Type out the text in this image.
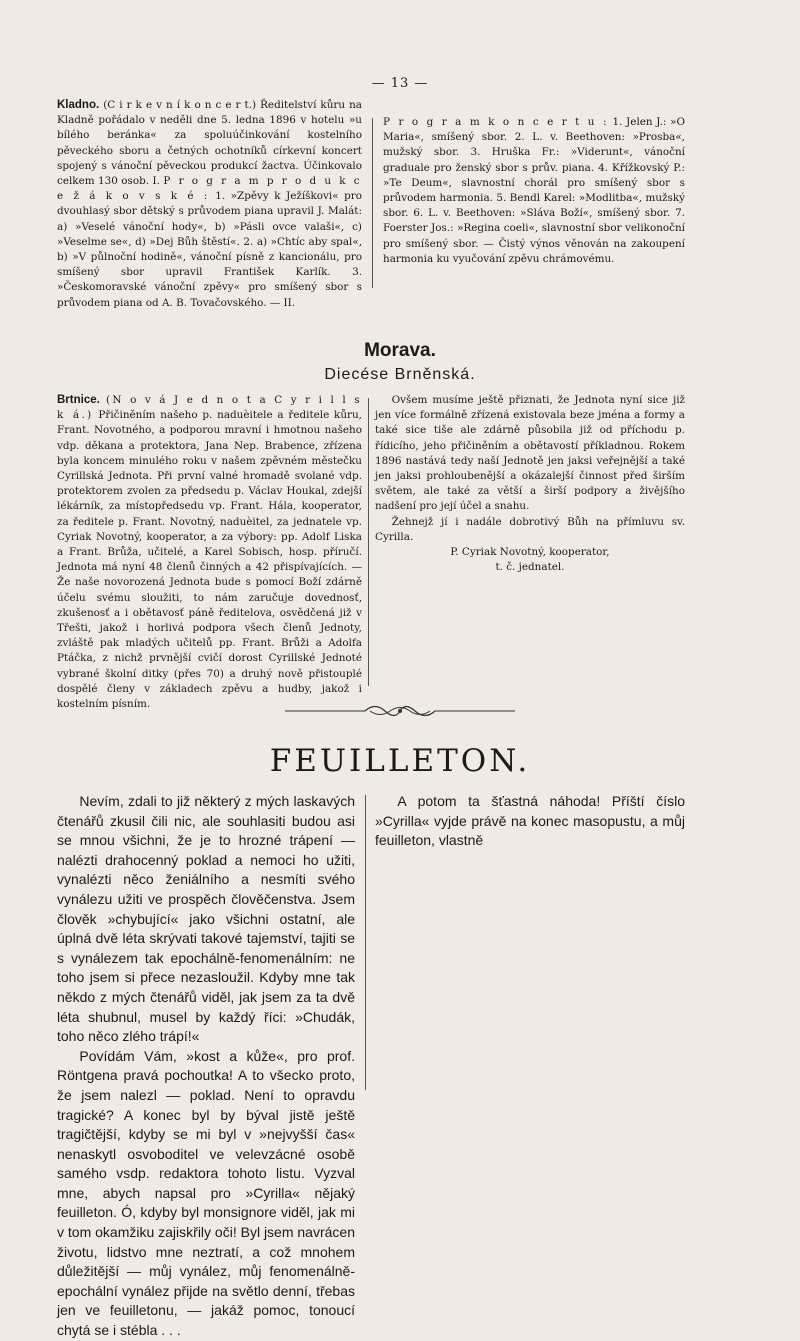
— 13 —

Kladno. (C i r k e v n í k o n c e r t.) Ředitelství kůru na Kladně pořádalo v neděli dne 5. ledna 1896 v hotelu »u bílého beránka« za spoluúčinkování kostelního pěveckého sboru a četných ochotníků církevní koncert spojený s vánoční pěveckou produkcí žactva. Účinkovalo celkem 130 osob. I. P r o g r a m p r o d u k c e ž á k o v s k é : 1. »Zpěvy k Ježíškovi« pro dvouhlasý sbor dětský s průvodem piana upravil J. Malát: a) »Veselé vánoční hody«, b) »Pásli ovce valaši«, c) »Veselme se«, d) »Dej Bůh štěstí«. 2. a) »Chtíc aby spal«, b) »V půlnoční hodině«, vánoční písně z kancionálu, pro smíšený sbor upravil František Karlík. 3. »Českomoravské vánoční zpěvy« pro smíšený sbor s průvodem piana od A. B. Tovačovského. — II.

P r o g r a m k o n c e r t u : 1. Jelen J.: »O Maria«, smíšený sbor. 2. L. v. Beethoven: »Prosba«, mužský sbor. 3. Hruška Fr.: »Viderunt«, vánoční graduale pro ženský sbor s prův. piana. 4. Křížkovský P.: »Te Deum«, slavnostní chorál pro smíšený sbor s průvodem harmonia. 5. Bendl Karel: »Modlitba«, mužský sbor. 6. L. v. Beethoven: »Sláva Boží«, smíšený sbor. 7. Foerster Jos.: »Regina coeli«, slavnostní sbor velikonoční pro smíšený sbor. — Čistý výnos věnován na zakoupení harmonia ku vyučování zpěvu chrámovému.

Morava.
Diecése Brněnská.

Brtnice. (N o v á J e d n o t a C y r i l l s k á.) Přičiněním našeho p. naduèitele a ředitele kůru, Frant. Novotného, a podporou mravní i hmotnou našeho vdp. děkana a protektora, Jana Nep. Brabence, zřízena byla koncem minulého roku v našem zpěvném městečku Cyrillská Jednota. Při první valné hromadě svolané vdp. protektorem zvolen za předsedu p. Václav Houkal, zdejší lékárník, za místopředsedu vp. Frant. Hála, kooperator, za ředitele p. Frant. Novotný, naduèitel, za jednatele vp. Cyriak Novotný, kooperator, a za výbory: pp. Adolf Liska a Frant. Brůža, učitelé, a Karel Sobisch, hosp. příručí. Jednota má nyní 48 členů činných a 42 přispívajících. — Že naše novorozená Jednota bude s pomocí Boží zdárně účelu svému sloužiti, to nám zaručuje dovednosť, zkušenosť a i obětavosť páně ředitelova, osvědčená již v Třešti, jakož i horlivá podpora všech členů Jednoty, zvláště pak mladých učitelů pp. Frant. Brůži a Adolfa Ptáčka, z nichž prvnější cvičí dorost Cyrillské Jednoté vybrané školní ditky (přes 70) a druhý nově přistouplé dospělé členy v základech zpěvu a hudby, jakož i kostelním písním.

Ovšem musíme ještě přiznati, že Jednota nyní sice již jen více formálně zřízená existovala beze jména a formy a také sice tiše ale zdárně působila již od příchodu p. řídicího, jeho přičiněním a obětavostí příkladnou. Rokem 1896 nastává tedy naší Jednotě jen jaksi veřejnější a také jen jaksi prohloubenější a okázalejší činnost před širším světem, ale také za větší a širší podpory a živějšího nadšení pro její účel a snahu.

Žehnejž jí i nadále dobrotivý Bůh na přímluvu sv. Cyrilla.

P. Cyriak Novotný, kooperator,

t. č. jednatel.

FEUILLETON.

Nevím, zdali to již některý z mých laskavých čtenářů zkusil čili nic, ale souhlasiti budou asi se mnou všichni, že je to hrozné trápení — nalézti drahocenný poklad a nemoci ho užiti, vynalézti něco ženiálního a nesmíti svého vynálezu užiti ve prospěch člověčenstva. Jsem člověk »chybující« jako všichni ostatní, ale úplná dvě léta skrývati takové tajemství, tajiti se s vynálezem tak epochálně-fenomenálním: ne toho jsem si přece nezasloužil. Kdyby mne tak někdo z mých čtenářů viděl, jak jsem za ta dvě léta shubnul, musel by každý říci: »Chudák, toho něco zlého trápí!«

Povídám Vám, »kost a kůže«, pro prof. Röntgena pravá pochoutka! A to všecko proto, že jsem nalezl — poklad. Není to opravdu tragické? A konec byl by býval jistě ještě tragičtější, kdyby se mi byl v »nejvyšší čas« nenaskytl osvoboditel ve velevzácné osobě samého vsdp. redaktora tohoto listu. Vyzval mne, abych napsal pro »Cyrilla« nějaký feuilleton. Ó, kdyby byl monsignore viděl, jak mi v tom okamžiku zajiskřily oči! Byl jsem navrácen životu, lidstvo mne neztratí, a což mnohem důležitější — můj vynález, můj fenomenálně-epochální vynález přijde na světlo denní, třebas jen ve feuilletonu, — jakáž pomoc, tonoucí chytá se i stébla . . .

A potom ta šťastná náhoda! Příští číslo »Cyrilla« vyjde právě na konec masopustu, a můj feuilleton, vlastně
